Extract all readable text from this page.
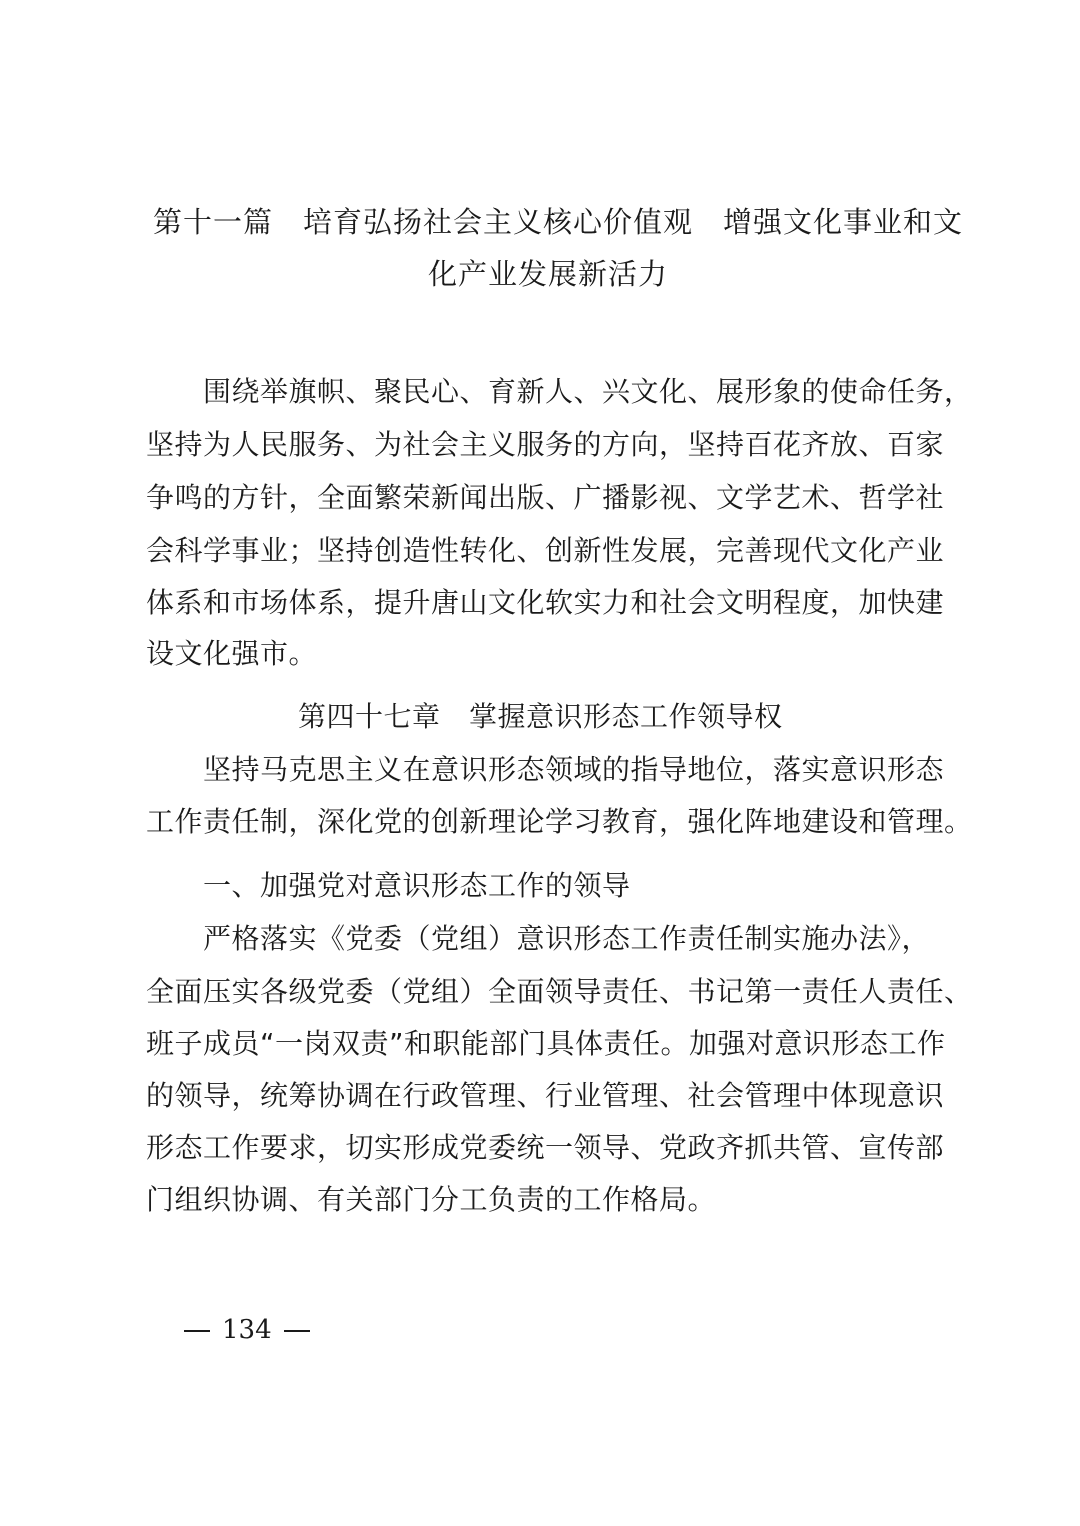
第十一篇　培育弘扬社会主义核心价值观　增强文化事业和文
化产业发展新活力
围绕举旗帜、聚民心、育新人、兴文化、展形象的使命任务，
坚持为人民服务、为社会主义服务的方向，坚持百花齐放、百家
争鸣的方针，全面繁荣新闻出版、广播影视、文学艺术、哲学社
会科学事业；坚持创造性转化、创新性发展，完善现代文化产业
体系和市场体系，提升唐山文化软实力和社会文明程度，加快建
设文化强市。
第四十七章　掌握意识形态工作领导权
坚持马克思主义在意识形态领域的指导地位，落实意识形态
工作责任制，深化党的创新理论学习教育，强化阵地建设和管理。
一、加强党对意识形态工作的领导
严格落实《党委（党组）意识形态工作责任制实施办法》，
全面压实各级党委（党组）全面领导责任、书记第一责任人责任、
班子成员“一岗双责”和职能部门具体责任。加强对意识形态工作
的领导，统筹协调在行政管理、行业管理、社会管理中体现意识
形态工作要求，切实形成党委统一领导、党政齐抓共管、宣传部
门组织协调、有关部门分工负责的工作格局。
134
